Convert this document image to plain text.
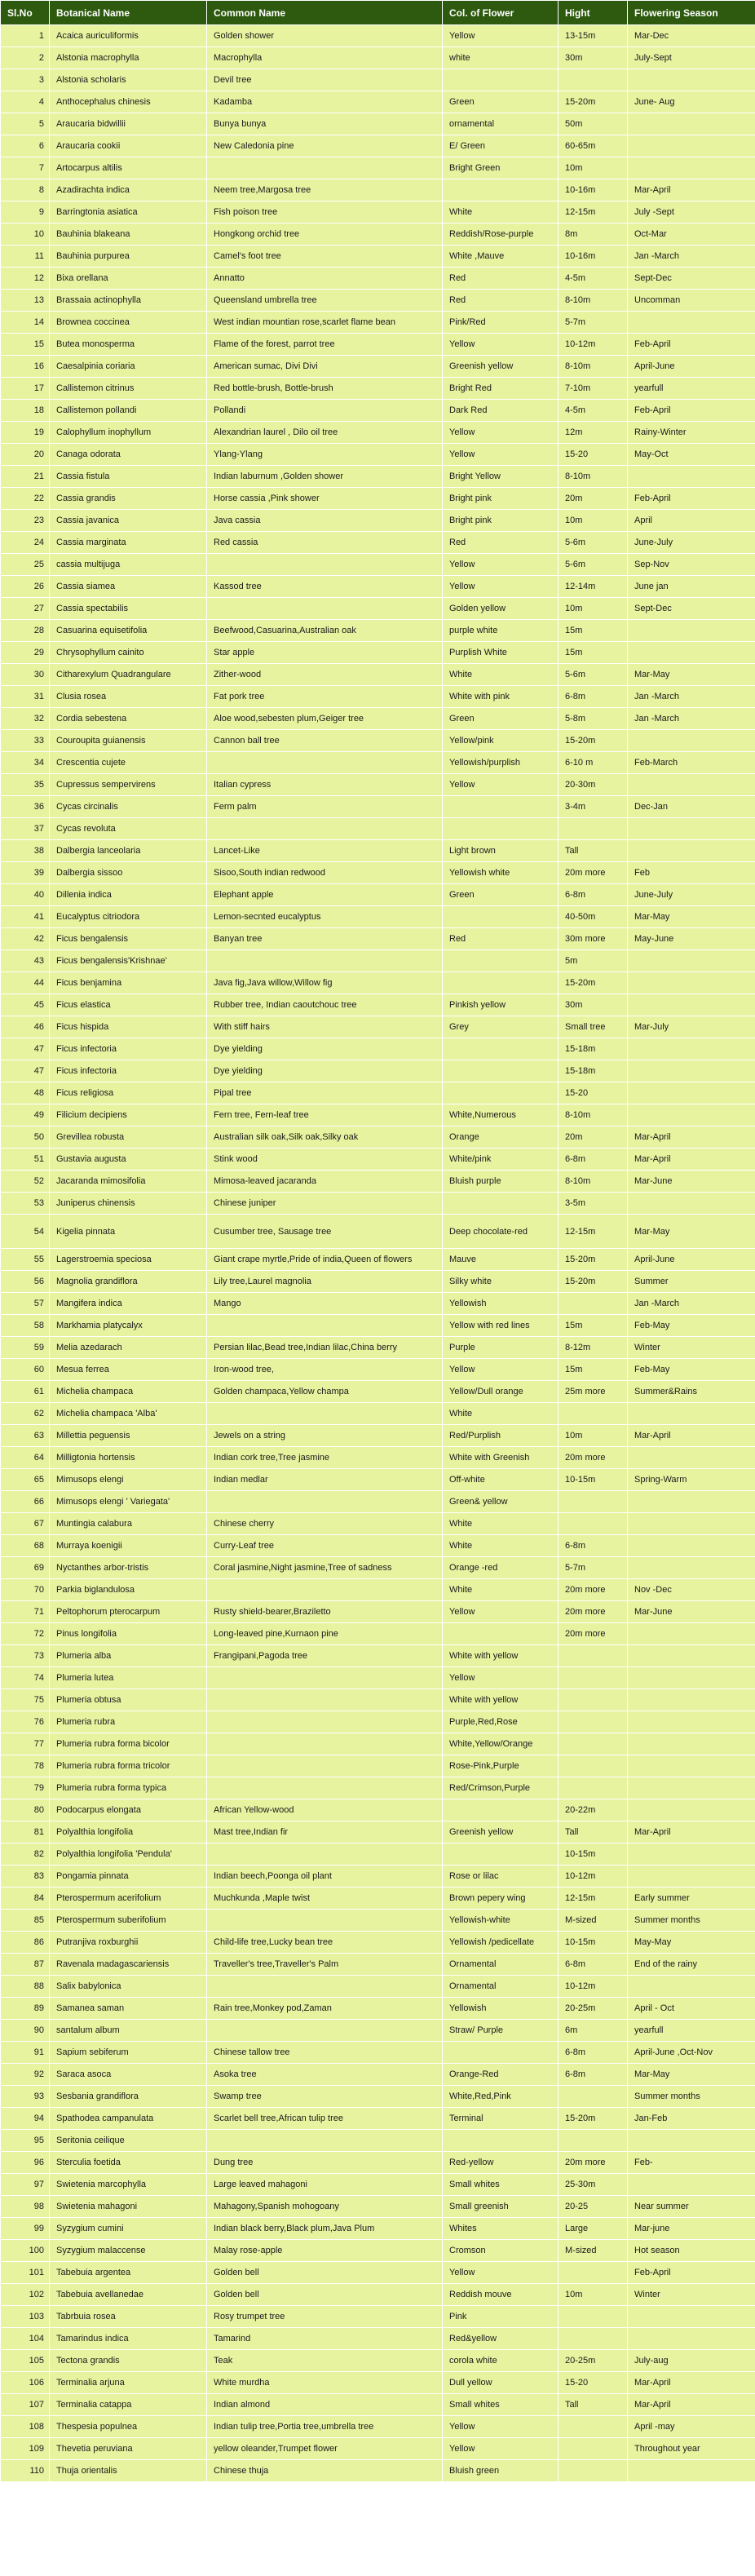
Sl.No	Botanical Name	Common Name	Col. of Flower	Hight	Flowering Season
1	Acaica auriculiformis	Golden shower	Yellow	13-15m	Mar-Dec
2	Alstonia macrophylla	Macrophylla	white	30m	July-Sept
3	Alstonia scholaris	Devil tree			
4	Anthocephalus chinesis	Kadamba	Green	15-20m	June- Aug
5	Araucaria bidwillii	Bunya bunya	ornamental	50m	
6	Araucaria cookii	New Caledonia pine	E/ Green	60-65m	
7	Artocarpus altilis		Bright Green	10m	
8	Azadirachta indica	Neem tree,Margosa tree		10-16m	Mar-April
9	Barringtonia asiatica	Fish poison tree	White	12-15m	July -Sept
10	Bauhinia blakeana	Hongkong orchid tree	Reddish/Rose-purple	8m	Oct-Mar
11	Bauhinia purpurea	Camel's foot tree	White ,Mauve	10-16m	Jan -March
12	Bixa orellana	Annatto	Red	4-5m	Sept-Dec
13	Brassaia actinophylla	Queensland umbrella tree	Red	8-10m	Uncomman
14	Brownea coccinea	West indian mountian rose,scarlet flame bean	Pink/Red	5-7m	
15	Butea monosperma	Flame of the forest, parrot tree	Yellow	10-12m	Feb-April
16	Caesalpinia coriaria	American sumac, Divi Divi	Greenish yellow	8-10m	April-June
17	Callistemon citrinus	Red bottle-brush, Bottle-brush	Bright Red	7-10m	yearfull
18	Callistemon pollandi	Pollandi	Dark Red	4-5m	Feb-April
19	Calophyllum inophyllum	Alexandrian laurel , Dilo oil tree	Yellow	12m	Rainy-Winter
20	Canaga odorata	Ylang-Ylang	Yellow	15-20	May-Oct
21	Cassia fistula	Indian laburnum ,Golden shower	Bright Yellow	8-10m	
22	Cassia grandis	Horse cassia ,Pink shower	Bright pink	20m	Feb-April
23	Cassia javanica	Java cassia	Bright pink	10m	April
24	Cassia marginata	Red cassia	Red	5-6m	June-July
25	cassia multijuga		Yellow	5-6m	Sep-Nov
26	Cassia siamea	Kassod tree	Yellow	12-14m	June jan
27	Cassia spectabilis		Golden yellow	10m	Sept-Dec
28	Casuarina equisetifolia	Beefwood,Casuarina,Australian oak	purple white	15m	
29	Chrysophyllum cainito	Star apple	Purplish White	15m	
30	Citharexylum Quadrangulare	Zither-wood	White	5-6m	Mar-May
31	Clusia rosea	Fat pork tree	White with pink	6-8m	Jan -March
32	Cordia sebestena	Aloe wood,sebesten plum,Geiger tree	Green	5-8m	Jan -March
33	Couroupita guianensis	Cannon ball tree	Yellow/pink	15-20m	
34	Crescentia cujete		Yellowish/purplish	6-10 m	Feb-March
35	Cupressus sempervirens	Italian cypress	Yellow	20-30m	
36	Cycas circinalis	Ferm palm		3-4m	Dec-Jan
37	Cycas revoluta				
38	Dalbergia lanceolaria	Lancet-Like	Light brown	Tall	
39	Dalbergia sissoo	Sisoo,South indian redwood	Yellowish white	20m more	Feb
40	Dillenia indica	Elephant apple	Green	6-8m	June-July
41	Eucalyptus citriodora	Lemon-secnted eucalyptus		40-50m	Mar-May
42	Ficus bengalensis	Banyan tree	Red	30m more	May-June
43	Ficus bengalensis'Krishnae'			5m	
44	Ficus benjamina	Java fig,Java willow,Willow fig		15-20m	
45	Ficus elastica	Rubber tree, Indian caoutchouc tree	Pinkish yellow	30m	
46	Ficus hispida	With stiff hairs	Grey	Small tree	Mar-July
47	Ficus infectoria	Dye yielding		15-18m	
47	Ficus infectoria	Dye yielding		15-18m	
48	Ficus religiosa	Pipal tree		15-20	
49	Filicium decipiens	Fern tree, Fern-leaf tree	White,Numerous	8-10m	
50	Grevillea robusta	Australian silk oak,Silk oak,Silky oak	Orange	20m	Mar-April
51	Gustavia augusta	Stink wood	White/pink	6-8m	Mar-April
52	Jacaranda mimosifolia	Mimosa-leaved jacaranda	Bluish purple	8-10m	Mar-June
53	Juniperus chinensis	Chinese juniper		3-5m	
54	Kigelia pinnata	Cusumber tree, Sausage tree	Deep chocolate-red	12-15m	Mar-May
55	Lagerstroemia speciosa	Giant crape myrtle,Pride of india,Queen of flowers	Mauve	15-20m	April-June
56	Magnolia grandiflora	Lily tree,Laurel magnolia	Silky white	15-20m	Summer
57	Mangifera indica	Mango	Yellowish		Jan -March
58	Markhamia platycalyx		Yellow with red lines	15m	Feb-May
59	Melia azedarach	Persian lilac,Bead tree,Indian lilac,China berry	Purple	8-12m	Winter
60	Mesua ferrea	Iron-wood tree,	Yellow	15m	Feb-May
61	Michelia champaca	Golden champaca,Yellow champa	Yellow/Dull orange	25m more	Summer&Rains
62	Michelia champaca 'Alba'		White		
63	Millettia peguensis	Jewels on a string	Red/Purplish	10m	Mar-April
64	Milligtonia hortensis	Indian cork tree,Tree jasmine	White with Greenish	20m more	
65	Mimusops elengi	Indian medlar	Off-white	10-15m	Spring-Warm
66	Mimusops elengi ' Variegata'		Green& yellow		
67	Muntingia calabura	Chinese cherry	White		
68	Murraya koenigii	Curry-Leaf tree	White	6-8m	
69	Nyctanthes arbor-tristis	Coral jasmine,Night jasmine,Tree of sadness	Orange -red	5-7m	
70	Parkia biglandulosa		White	20m more	Nov -Dec
71	Peltophorum pterocarpum	Rusty shield-bearer,Braziletto	Yellow	20m more	Mar-June
72	Pinus longifolia	Long-leaved pine,Kurnaon pine		20m more	
73	Plumeria alba	Frangipani,Pagoda tree	White with yellow		
74	Plumeria lutea		Yellow		
75	Plumeria obtusa		White with yellow		
76	Plumeria rubra		Purple,Red,Rose		
77	Plumeria rubra forma bicolor		White,Yellow/Orange		
78	Plumeria rubra forma tricolor		Rose-Pink,Purple		
79	Plumeria rubra forma typica		Red/Crimson,Purple		
80	Podocarpus elongata	African Yellow-wood		20-22m	
81	Polyalthia longifolia	Mast tree,Indian fir	Greenish yellow	Tall	Mar-April
82	Polyalthia longifolia 'Pendula'			10-15m	
83	Pongamia pinnata	Indian beech,Poonga oil plant	Rose or lilac	10-12m	
84	Pterospermum acerifolium	Muchkunda ,Maple twist	Brown pepery wing	12-15m	Early summer
85	Pterospermum suberifolium		Yellowish-white	M-sized	Summer months
86	Putranjiva roxburghii	Child-life tree,Lucky bean tree	Yellowish /pedicellate	10-15m	May-May
87	Ravenala madagascariensis	Traveller's tree,Traveller's Palm	Ornamental	6-8m	End of the rainy
88	Salix babylonica		Ornamental	10-12m	
89	Samanea saman	Rain tree,Monkey pod,Zaman	Yellowish	20-25m	April - Oct
90	santalum album		Straw/ Purple	6m	yearfull
91	Sapium sebiferum	Chinese tallow tree		6-8m	April-June ,Oct-Nov
92	Saraca asoca	Asoka tree	Orange-Red	6-8m	Mar-May
93	Sesbania grandiflora	Swamp tree	White,Red,Pink		Summer months
94	Spathodea campanulata	Scarlet bell tree,African tulip tree	Terminal	15-20m	Jan-Feb
95	Seritonia ceilique				
96	Sterculia foetida	Dung tree	Red-yellow	20m more	Feb-
97	Swietenia marcophylla	Large leaved mahagoni	Small whites	25-30m	
98	Swietenia mahagoni	Mahagony,Spanish mohogoany	Small greenish	20-25	Near summer
99	Syzygium cumini	Indian black berry,Black plum,Java Plum	Whites	Large	Mar-june
100	Syzygium malaccense	Malay rose-apple	Cromson	M-sized	Hot season
101	Tabebuia argentea	Golden bell	Yellow		Feb-April
102	Tabebuia avellanedae	Golden bell	Reddish mouve	10m	Winter
103	Tabrbuia rosea	Rosy trumpet tree	Pink		
104	Tamarindus indica	Tamarind	Red&yellow		
105	Tectona grandis	Teak	corola white	20-25m	July-aug
106	Terminalia arjuna	White murdha	Dull yellow	15-20	Mar-April
107	Terminalia catappa	Indian almond	Small whites	Tall	Mar-April
108	Thespesia populnea	Indian tulip tree,Portia tree,umbrella tree	Yellow		April -may
109	Thevetia peruviana	yellow oleander,Trumpet flower	Yellow		Throughout year
110	Thuja orientalis	Chinese thuja	Bluish green		
